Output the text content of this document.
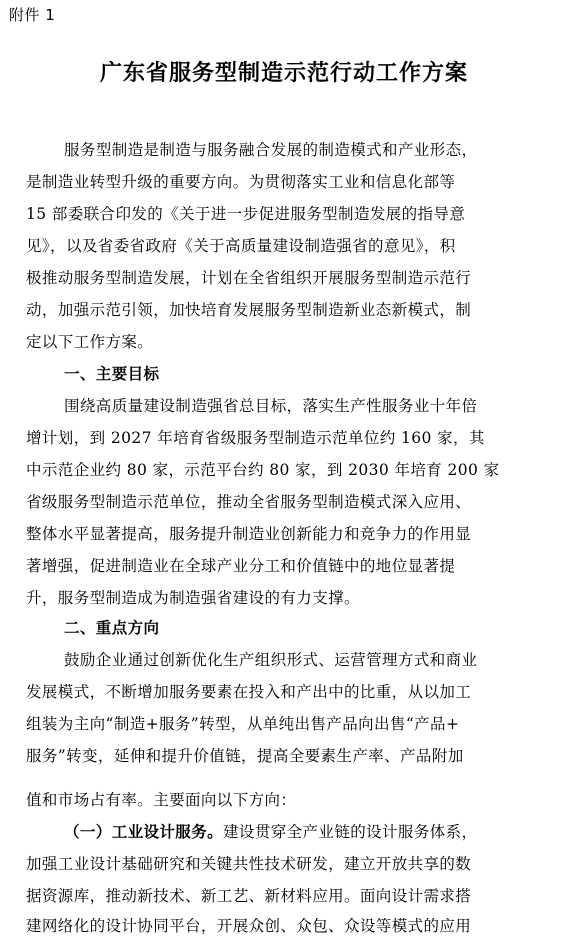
附件 1
广东省服务型制造示范行动工作方案
服务型制造是制造与服务融合发展的制造模式和产业形态，
是制造业转型升级的重要方向。为贯彻落实工业和信息化部等
15 部委联合印发的《关于进一步促进服务型制造发展的指导意
见》，以及省委省政府《关于高质量建设制造强省的意见》，积
极推动服务型制造发展，计划在全省组织开展服务型制造示范行
动，加强示范引领，加快培育发展服务型制造新业态新模式，制
定以下工作方案。
一、主要目标
围绕高质量建设制造强省总目标，落实生产性服务业十年倍
增计划，到 2027 年培育省级服务型制造示范单位约 160 家，其
中示范企业约 80 家，示范平台约 80 家，到 2030 年培育 200 家
省级服务型制造示范单位，推动全省服务型制造模式深入应用、
整体水平显著提高，服务提升制造业创新能力和竞争力的作用显
著增强，促进制造业在全球产业分工和价值链中的地位显著提
升，服务型制造成为制造强省建设的有力支撑。
二、重点方向
鼓励企业通过创新优化生产组织形式、运营管理方式和商业
发展模式，不断增加服务要素在投入和产出中的比重，从以加工
组装为主向“制造+服务”转型，从单纯出售产品向出售“产品+
服务”转变，延伸和提升价值链，提高全要素生产率、产品附加
值和市场占有率。主要面向以下方向：
（一）工业设计服务。建设贯穿全产业链的设计服务体系，
加强工业设计基础研究和关键共性技术研发，建立开放共享的数
据资源库，推动新技术、新工艺、新材料应用。面向设计需求搭
建网络化的设计协同平台，开展众创、众包、众设等模式的应用
